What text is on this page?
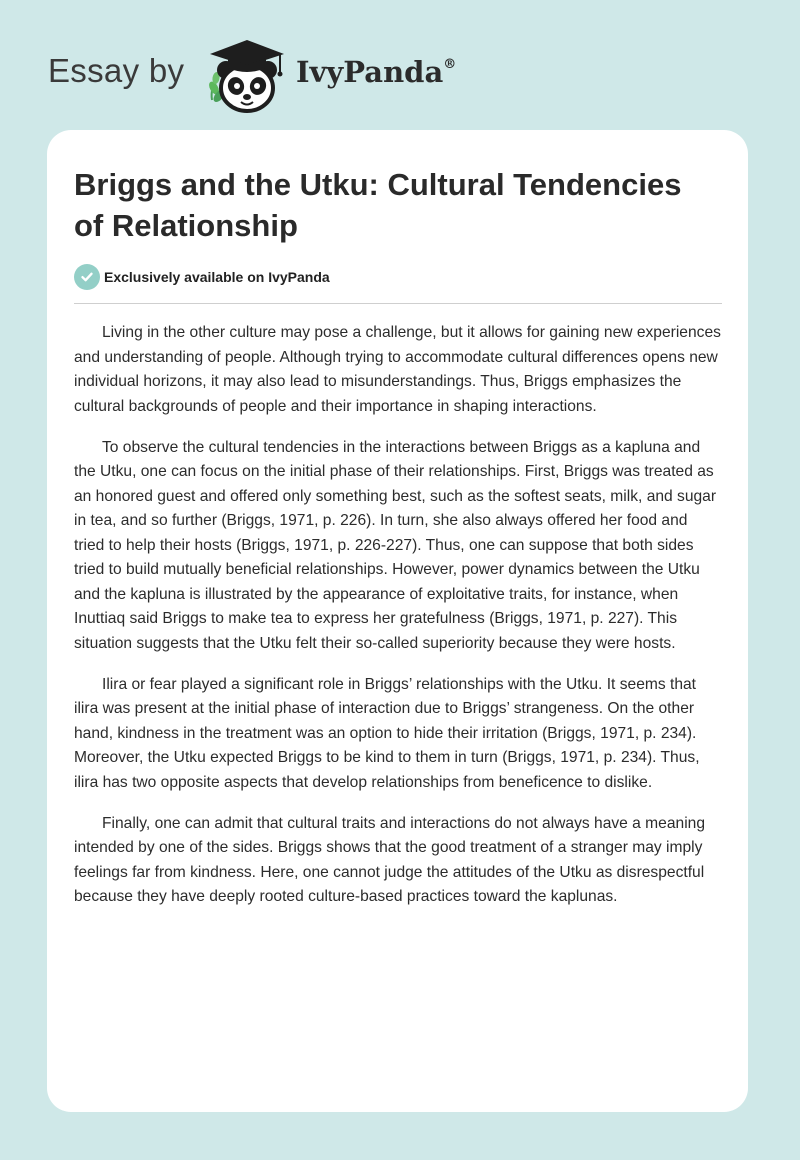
Essay by	IvyPanda®
Briggs and the Utku: Cultural Tendencies of Relationship
Exclusively available on IvyPanda

Living in the other culture may pose a challenge, but it allows for gaining new experiences and understanding of people. Although trying to accommodate cultural differences opens new individual horizons, it may also lead to misunderstandings. Thus, Briggs emphasizes the cultural backgrounds of people and their importance in shaping interactions.

To observe the cultural tendencies in the interactions between Briggs as a kapluna and the Utku, one can focus on the initial phase of their relationships. First, Briggs was treated as an honored guest and offered only something best, such as the softest seats, milk, and sugar in tea, and so further (Briggs, 1971, p. 226). In turn, she also always offered her food and tried to help their hosts (Briggs, 1971, p. 226-227). Thus, one can suppose that both sides tried to build mutually beneficial relationships. However, power dynamics between the Utku and the kapluna is illustrated by the appearance of exploitative traits, for instance, when Inuttiaq said Briggs to make tea to express her gratefulness (Briggs, 1971, p. 227). This situation suggests that the Utku felt their so-called superiority because they were hosts.

Ilira or fear played a significant role in Briggs’ relationships with the Utku. It seems that ilira was present at the initial phase of interaction due to Briggs’ strangeness. On the other hand, kindness in the treatment was an option to hide their irritation (Briggs, 1971, p. 234). Moreover, the Utku expected Briggs to be kind to them in turn (Briggs, 1971, p. 234). Thus, ilira has two opposite aspects that develop relationships from beneficence to dislike.

Finally, one can admit that cultural traits and interactions do not always have a meaning intended by one of the sides. Briggs shows that the good treatment of a stranger may imply feelings far from kindness. Here, one cannot judge the attitudes of the Utku as disrespectful because they have deeply rooted culture-based practices toward the kaplunas.
